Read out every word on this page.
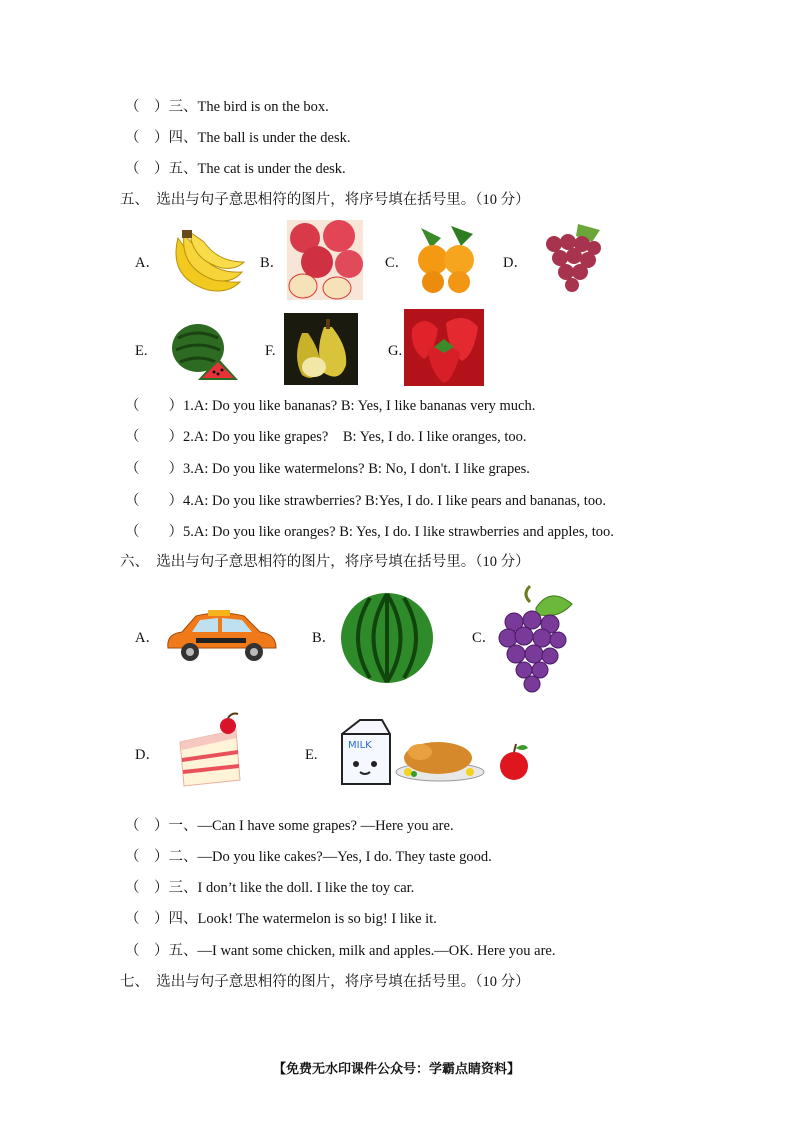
（　）三、The bird is on the box.
（　）四、The ball is under the desk.
（　）五、The cat is under the desk.
五、　选出与句子意思相符的图片，将序号填在括号里。（10 分）
A．	B．	C．	D．
E.	F.	G.
（　　）1.A: Do you like bananas? B: Yes, I like bananas very much.
（　　）2.A: Do you like grapes?　B: Yes, I do. I like oranges, too.
（　　）3.A: Do you like watermelons? B: No, I don't. I like grapes.
（　　）4.A: Do you like strawberries? B:Yes, I do. I like pears and bananas, too.
（　　）5.A: Do you like oranges? B: Yes, I do. I like strawberries and apples, too.
六、　选出与句子意思相符的图片，将序号填在括号里。（10 分）
A．	B．	C．
D．	E.
MILK
（　）一、—Can I have some grapes? —Here you are.
（　）二、—Do you like cakes?—Yes, I do. They taste good.
（　）三、I don’t like the doll. I like the toy car.
（　）四、Look! The watermelon is so big! I like it.
（　）五、—I want some chicken, milk and apples.—OK. Here you are.
七、　选出与句子意思相符的图片，将序号填在括号里。（10 分）
【免费无水印课件公众号：学霸点睛资料】
